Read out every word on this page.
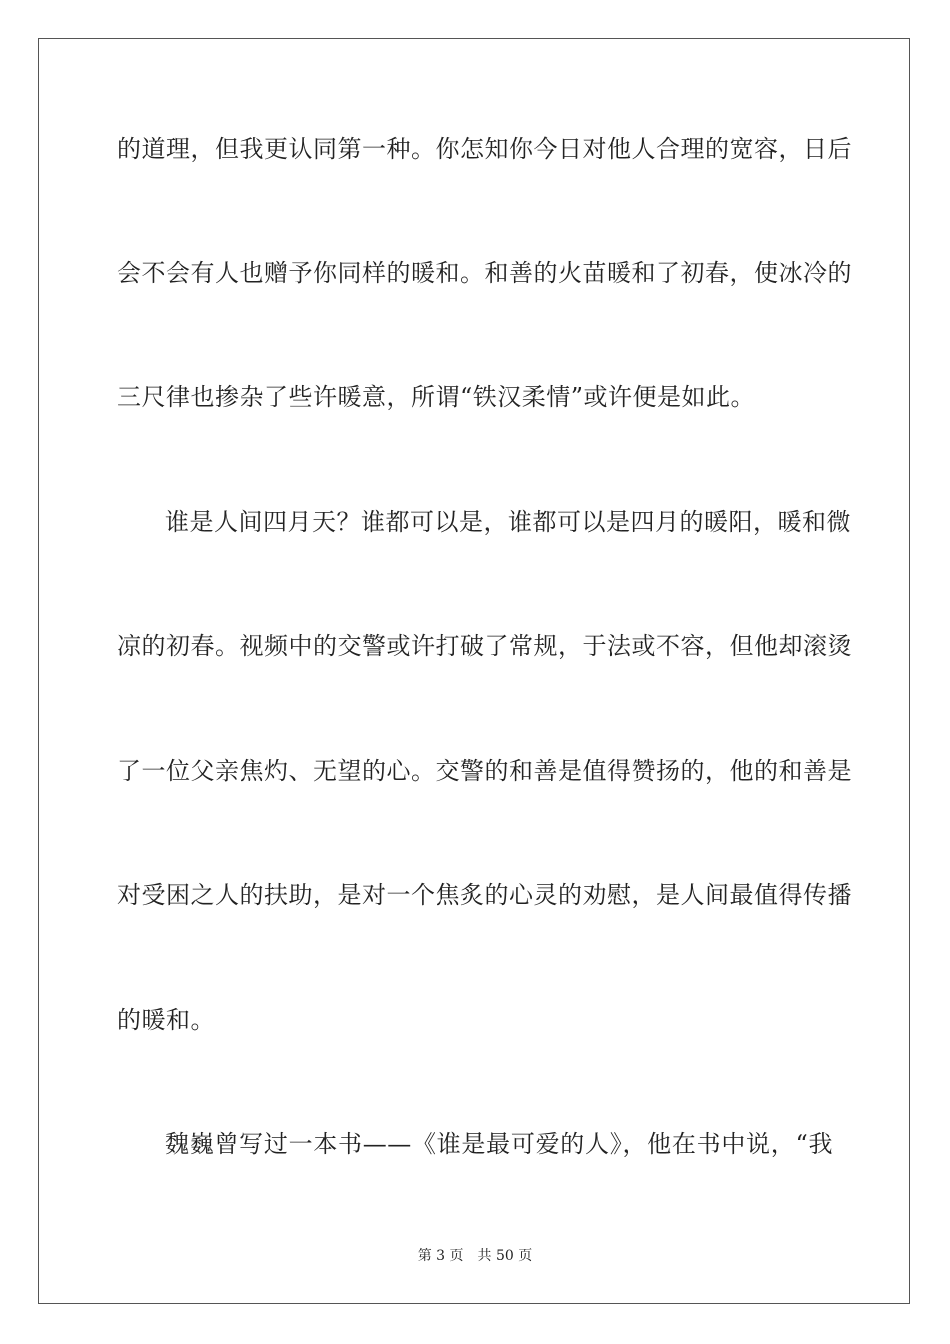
的道理，但我更认同第一种。你怎知你今日对他人合理的宽容，日后
会不会有人也赠予你同样的暖和。和善的火苗暖和了初春，使冰冷的
三尺律也掺杂了些许暖意，所谓“铁汉柔情”或许便是如此。
谁是人间四月天？谁都可以是，谁都可以是四月的暖阳，暖和微
凉的初春。视频中的交警或许打破了常规，于法或不容，但他却滚烫
了一位父亲焦灼、无望的心。交警的和善是值得赞扬的，他的和善是
对受困之人的扶助，是对一个焦炙的心灵的劝慰，是人间最值得传播
的暖和。
魏巍曾写过一本书——《谁是最可爱的人》，他在书中说，“我
第 3 页 共 50 页
